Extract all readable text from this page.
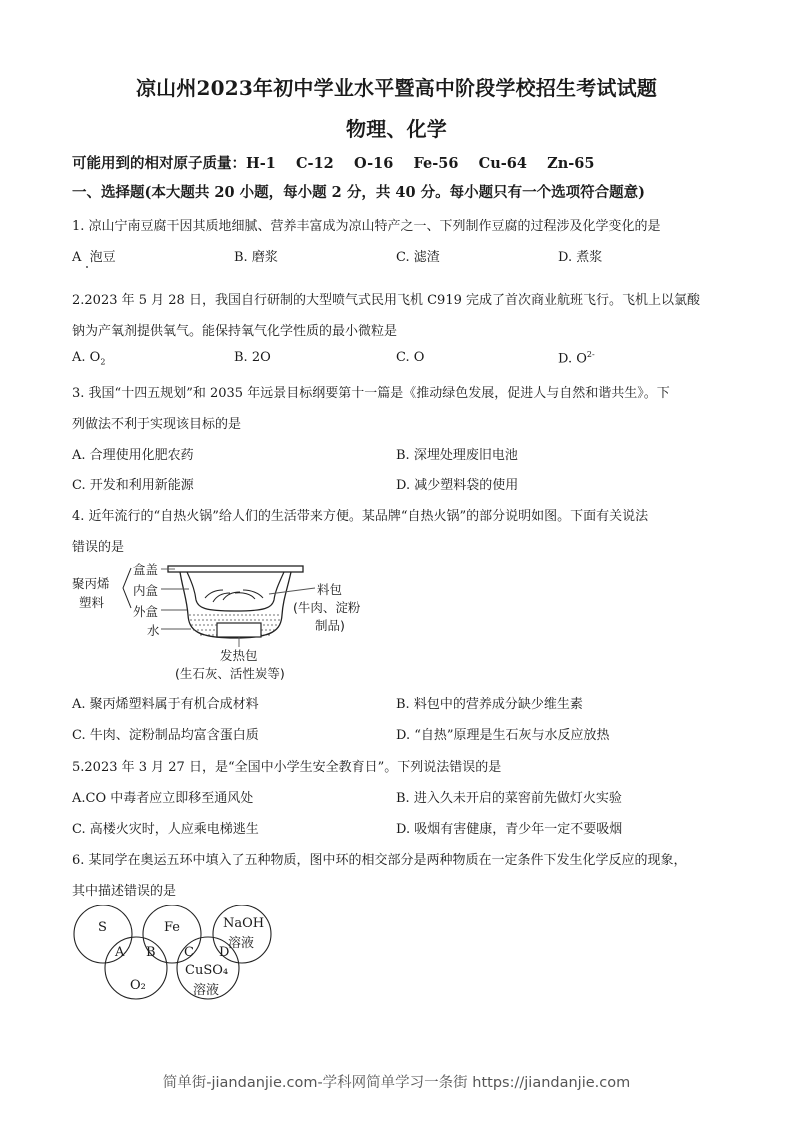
凉山州2023年初中学业水平暨高中阶段学校招生考试试题
物理、化学
可能用到的相对原子质量：H-1 C-12 O-16 Fe-56 Cu-64 Zn-65
一、选择题(本大题共 20 小题，每小题 2 分，共 40 分。每小题只有一个选项符合题意)
1. 凉山宁南豆腐干因其质地细腻、营养丰富成为凉山特产之一、下列制作豆腐的过程涉及化学变化的是
A 泡豆	B. 磨浆	C. 滤渣	D. 煮浆
2.2023 年 5 月 28 日，我国自行研制的大型喷气式民用飞机 C919 完成了首次商业航班飞行。飞机上以氯酸
钠为产氧剂提供氧气。能保持氧气化学性质的最小微粒是
A. $O_2$	B. 2O	C. O	D. $O^{2-}$
3. 我国“十四五规划”和 2035 年远景目标纲要第十一篇是《推动绿色发展，促进人与自然和谐共生》。下
列做法不利于实现该目标的是
A. 合理使用化肥农药	B. 深埋处理废旧电池
C. 开发和利用新能源	D. 减少塑料袋的使用
4. 近年流行的“自热火锅”给人们的生活带来方便。某品牌“自热火锅”的部分说明如图。下面有关说法
错误的是
盒盖
内盒
外盒
水
聚丙烯
塑料
料包
(牛肉、淀粉
制品)
发热包
(生石灰、活性炭等)
A. 聚丙烯塑料属于有机合成材料	B. 料包中的营养成分缺少维生素
C. 牛肉、淀粉制品均富含蛋白质	D. “自热”原理是生石灰与水反应放热
5.2023 年 3 月 27 日，是“全国中小学生安全教育日”。下列说法错误的是
A.CO 中毒者应立即移至通风处	B. 进入久未开启的菜窖前先做灯火实验
C. 高楼火灾时，人应乘电梯逃生	D. 吸烟有害健康，青少年一定不要吸烟
6. 某同学在奥运五环中填入了五种物质，图中环的相交部分是两种物质在一定条件下发生化学反应的现象，
其中描述错误的是
S	Fe	NaOH
溶液
O₂
CuSO₄
溶液
A B C D
简单街-jiandanjie.com-学科网简单学习一条街 https://jiandanjie.com
